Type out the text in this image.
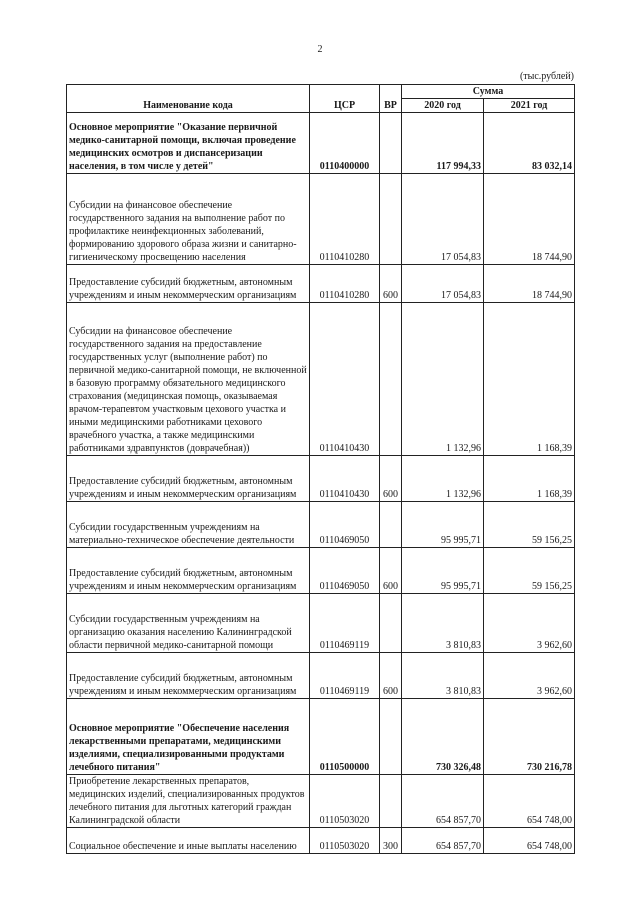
2
(тыс.рублей)
Наименование кода	ЦСР	ВР	Сумма	
			2020 год	2021 год
Основное мероприятие "Оказание первичной медико-санитарной помощи, включая проведение медицинских осмотров и диспансеризации населения, в том числе у детей"	0110400000		117 994,33	83 032,14
Субсидии на финансовое обеспечение государственного задания на выполнение работ по профилактике неинфекционных заболеваний, формированию здорового образа жизни и санитарно-гигиеническому просвещению населения	0110410280		17 054,83	18 744,90
Предоставление субсидий бюджетным, автономным учреждениям и иным некоммерческим организациям	0110410280	600	17 054,83	18 744,90
Субсидии на финансовое обеспечение государственного задания на предоставление государственных услуг (выполнение работ) по первичной медико-санитарной помощи, не включенной в базовую программу обязательного медицинского страхования (медицинская помощь, оказываемая врачом-терапевтом участковым цехового участка и иными медицинскими работниками цехового врачебного участка, а также медицинскими работниками здравпунктов (доврачебная))	0110410430		1 132,96	1 168,39
Предоставление субсидий бюджетным, автономным учреждениям и иным некоммерческим организациям	0110410430	600	1 132,96	1 168,39
Субсидии государственным учреждениям на материально-техническое обеспечение деятельности	0110469050		95 995,71	59 156,25
Предоставление субсидий бюджетным, автономным учреждениям и иным некоммерческим организациям	0110469050	600	95 995,71	59 156,25
Субсидии государственным учреждениям на организацию оказания населению Калининградской области первичной медико-санитарной помощи	0110469119		3 810,83	3 962,60
Предоставление субсидий бюджетным, автономным учреждениям и иным некоммерческим организациям	0110469119	600	3 810,83	3 962,60
Основное мероприятие "Обеспечение населения лекарственными препаратами, медицинскими изделиями, специализированными продуктами лечебного питания"	0110500000		730 326,48	730 216,78
Приобретение лекарственных препаратов, медицинских изделий, специализированных продуктов лечебного питания для льготных категорий граждан Калининградской области	0110503020		654 857,70	654 748,00
Социальное обеспечение и иные выплаты населению	0110503020	300	654 857,70	654 748,00
